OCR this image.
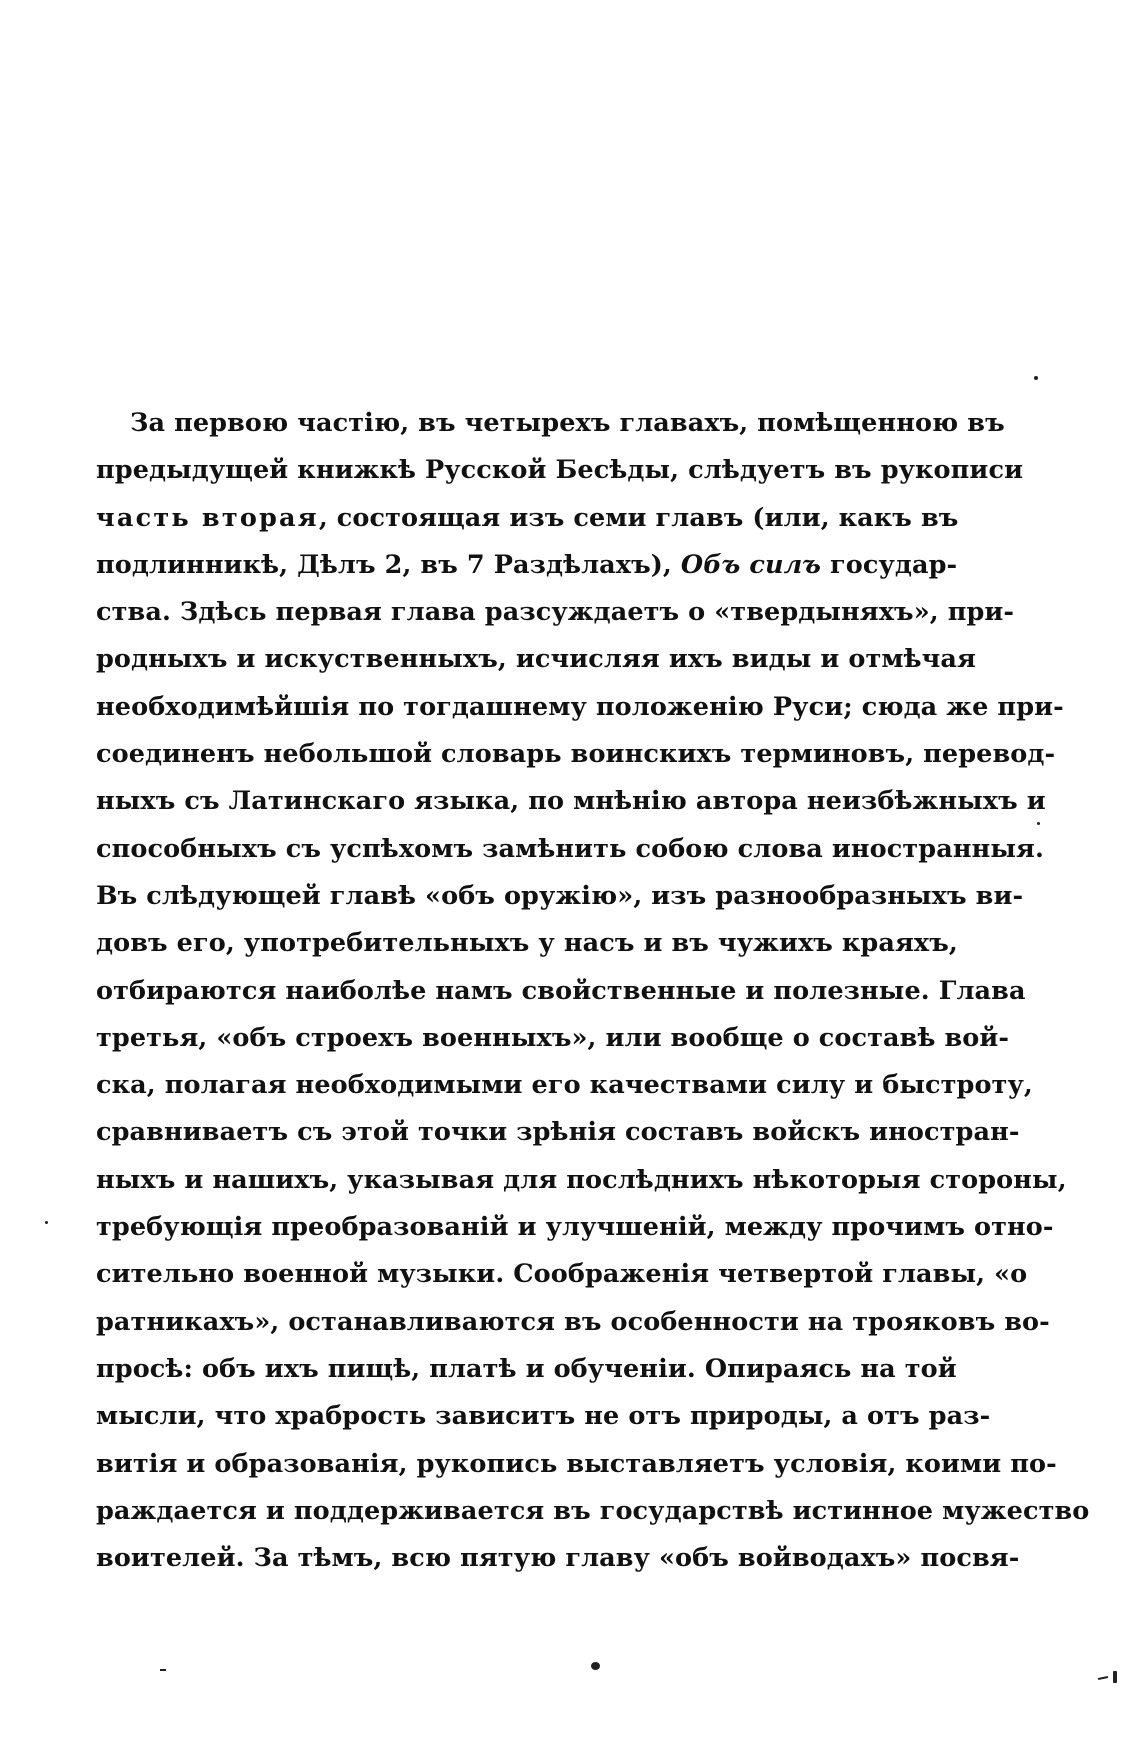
За первою частію, въ четырехъ главахъ, помѣщенною въ
предыдущей книжкѣ Русской Бесѣды, слѣдуетъ въ рукописи
часть вторая, состоящая изъ семи главъ (или, какъ въ
подлинникѣ, Дѣлъ 2, въ 7 Раздѣлахъ), Объ силъ государ-
ства. Здѣсь первая глава разсуждаетъ о «твердыняхъ», при-
родныхъ и искуственныхъ, исчисляя ихъ виды и отмѣчая
необходимѣйшія по тогдашнему положенію Руси; сюда же при-
соединенъ небольшой словарь воинскихъ терминовъ, перевод-
ныхъ съ Латинскаго языка, по мнѣнію автора неизбѣжныхъ и
способныхъ съ успѣхомъ замѣнить собою слова иностранныя.
Въ слѣдующей главѣ «объ оружію», изъ разнообразныхъ ви-
довъ его, употребительныхъ у насъ и въ чужихъ краяхъ,
отбираются наиболѣе намъ свойственные и полезные. Глава
третья, «объ строехъ военныхъ», или вообще о составѣ вой-
ска, полагая необходимыми его качествами силу и быстроту,
сравниваетъ съ этой точки зрѣнія составъ войскъ иностран-
ныхъ и нашихъ, указывая для послѣднихъ нѣкоторыя стороны,
требующія преобразованій и улучшеній, между прочимъ отно-
сительно военной музыки. Соображенія четвертой главы, «о
ратникахъ», останавливаются въ особенности на трояковъ во-
просѣ: объ ихъ пищѣ, платѣ и обученіи. Опираясь на той
мысли, что храбрость зависитъ не отъ природы, а отъ раз-
витія и образованія, рукопись выставляетъ условія, коими по-
раждается и поддерживается въ государствѣ истинное мужество
воителей. За тѣмъ, всю пятую главу «объ войводахъ» посвя-
